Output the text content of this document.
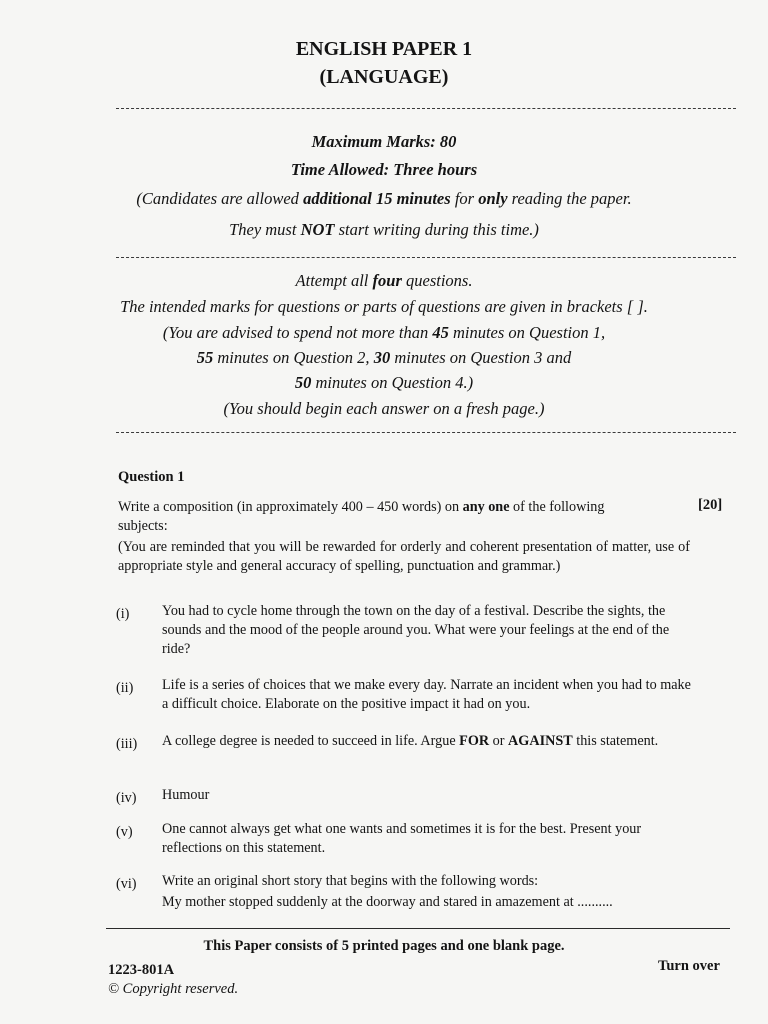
ENGLISH PAPER 1
(LANGUAGE)
Maximum Marks: 80
Time Allowed: Three hours
(Candidates are allowed additional 15 minutes for only reading the paper.
They must NOT start writing during this time.)
Attempt all four questions.
The intended marks for questions or parts of questions are given in brackets [ ].
(You are advised to spend not more than 45 minutes on Question 1,
55 minutes on Question 2, 30 minutes on Question 3 and
50 minutes on Question 4.)
(You should begin each answer on a fresh page.)
Question 1
Write a composition (in approximately 400 – 450 words) on any one of the following
subjects:
[20]
(You are reminded that you will be rewarded for orderly and coherent presentation of matter, use of appropriate style and general accuracy of spelling, punctuation and grammar.)
(i) You had to cycle home through the town on the day of a festival. Describe the sights, the sounds and the mood of the people around you. What were your feelings at the end of the ride?
(ii) Life is a series of choices that we make every day. Narrate an incident when you had to make a difficult choice. Elaborate on the positive impact it had on you.
(iii) A college degree is needed to succeed in life. Argue FOR or AGAINST this statement.
(iv) Humour
(v) One cannot always get what one wants and sometimes it is for the best. Present your reflections on this statement.
(vi) Write an original short story that begins with the following words:
My mother stopped suddenly at the doorway and stared in amazement at ..........
This Paper consists of 5 printed pages and one blank page.
1223-801A	Turn over
© Copyright reserved.
